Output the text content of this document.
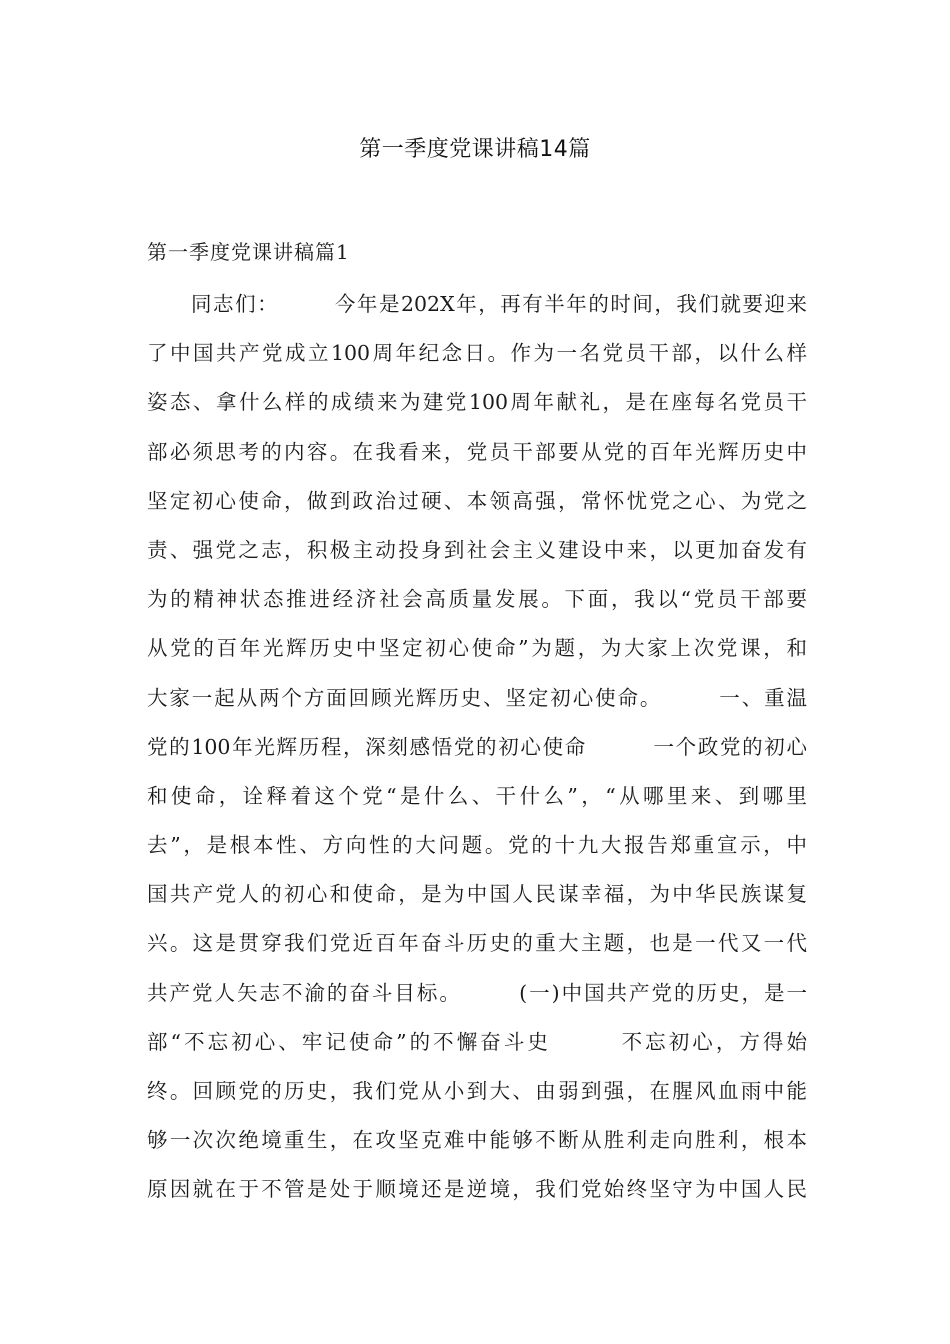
第一季度党课讲稿14篇
第一季度党课讲稿篇1
　　同志们：　　　今年是202X年，再有半年的时间，我们就要迎来
了中国共产党成立100周年纪念日。作为一名党员干部，以什么样
姿态、拿什么样的成绩来为建党100周年献礼，是在座每名党员干
部必须思考的内容。在我看来，党员干部要从党的百年光辉历史中
坚定初心使命，做到政治过硬、本领高强，常怀忧党之心、为党之
责、强党之志，积极主动投身到社会主义建设中来，以更加奋发有
为的精神状态推进经济社会高质量发展。下面，我以“党员干部要
从党的百年光辉历史中坚定初心使命”为题，为大家上次党课，和
大家一起从两个方面回顾光辉历史、坚定初心使命。　　　一、重温
党的100年光辉历程，深刻感悟党的初心使命　　　一个政党的初心
和使命，诠释着这个党“是什么、干什么”，“从哪里来、到哪里
去”，是根本性、方向性的大问题。党的十九大报告郑重宣示，中
国共产党人的初心和使命，是为中国人民谋幸福，为中华民族谋复
兴。这是贯穿我们党近百年奋斗历史的重大主题，也是一代又一代
共产党人矢志不渝的奋斗目标。　　　(一)中国共产党的历史，是一
部“不忘初心、牢记使命”的不懈奋斗史　　　不忘初心，方得始
终。回顾党的历史，我们党从小到大、由弱到强，在腥风血雨中能
够一次次绝境重生，在攻坚克难中能够不断从胜利走向胜利，根本
原因就在于不管是处于顺境还是逆境，我们党始终坚守为中国人民
